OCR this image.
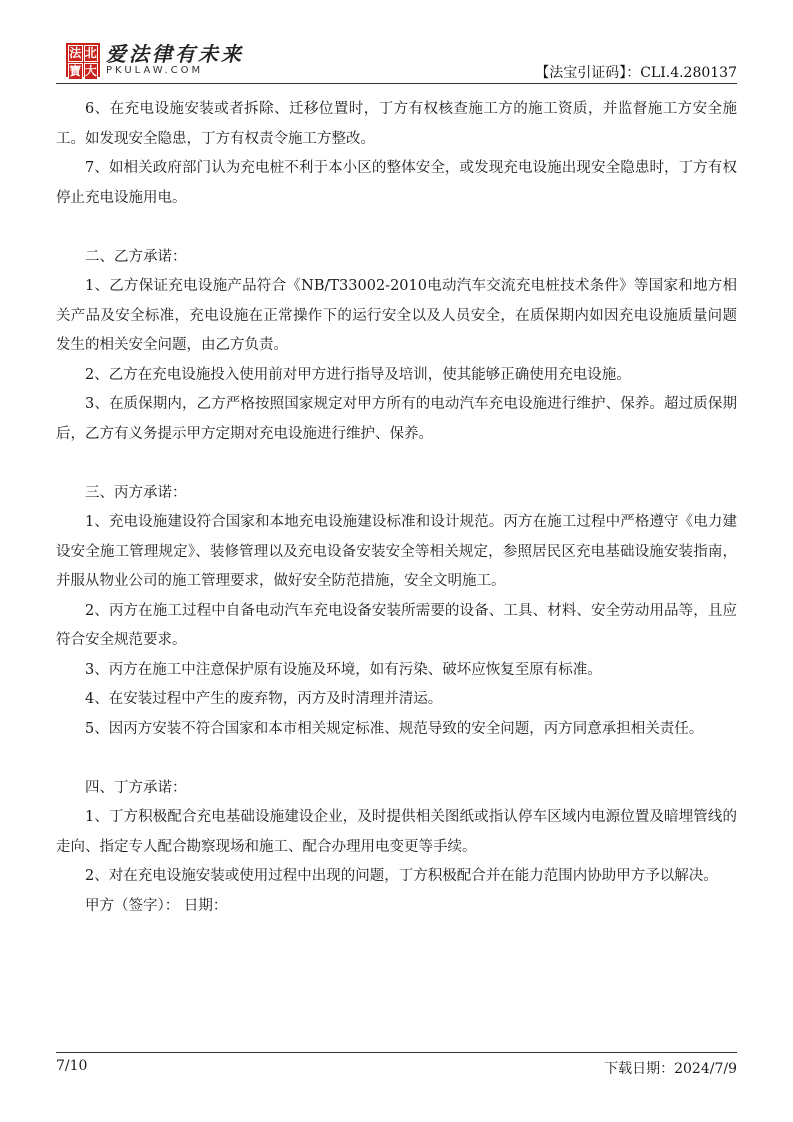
法 北
寶 大
爱法律有未来
PKULAW.COM	【法宝引证码】：CLI.4.280137
6、在充电设施安装或者拆除、迁移位置时，丁方有权核查施工方的施工资质，并监督施工方安全施工。如发现安全隐患，丁方有权责令施工方整改。
7、如相关政府部门认为充电桩不利于本小区的整体安全，或发现充电设施出现安全隐患时，丁方有权停止充电设施用电。
二、乙方承诺：
1、乙方保证充电设施产品符合《NB/T33002-2010电动汽车交流充电桩技术条件》等国家和地方相关产品及安全标准，充电设施在正常操作下的运行安全以及人员安全，在质保期内如因充电设施质量问题发生的相关安全问题，由乙方负责。
2、乙方在充电设施投入使用前对甲方进行指导及培训，使其能够正确使用充电设施。
3、在质保期内，乙方严格按照国家规定对甲方所有的电动汽车充电设施进行维护、保养。超过质保期后，乙方有义务提示甲方定期对充电设施进行维护、保养。
三、丙方承诺：
1、充电设施建设符合国家和本地充电设施建设标准和设计规范。丙方在施工过程中严格遵守《电力建设安全施工管理规定》、装修管理以及充电设备安装安全等相关规定，参照居民区充电基础设施安装指南，并服从物业公司的施工管理要求，做好安全防范措施，安全文明施工。
2、丙方在施工过程中自备电动汽车充电设备安装所需要的设备、工具、材料、安全劳动用品等，且应符合安全规范要求。
3、丙方在施工中注意保护原有设施及环境，如有污染、破坏应恢复至原有标准。
4、在安装过程中产生的废弃物，丙方及时清理并清运。
5、因丙方安装不符合国家和本市相关规定标准、规范导致的安全问题，丙方同意承担相关责任。
四、丁方承诺：
1、丁方积极配合充电基础设施建设企业，及时提供相关图纸或指认停车区域内电源位置及暗埋管线的走向、指定专人配合勘察现场和施工、配合办理用电变更等手续。
2、对在充电设施安装或使用过程中出现的问题，丁方积极配合并在能力范围内协助甲方予以解决。
甲方（签字）： 日期：
7/10	下载日期：2024/7/9
